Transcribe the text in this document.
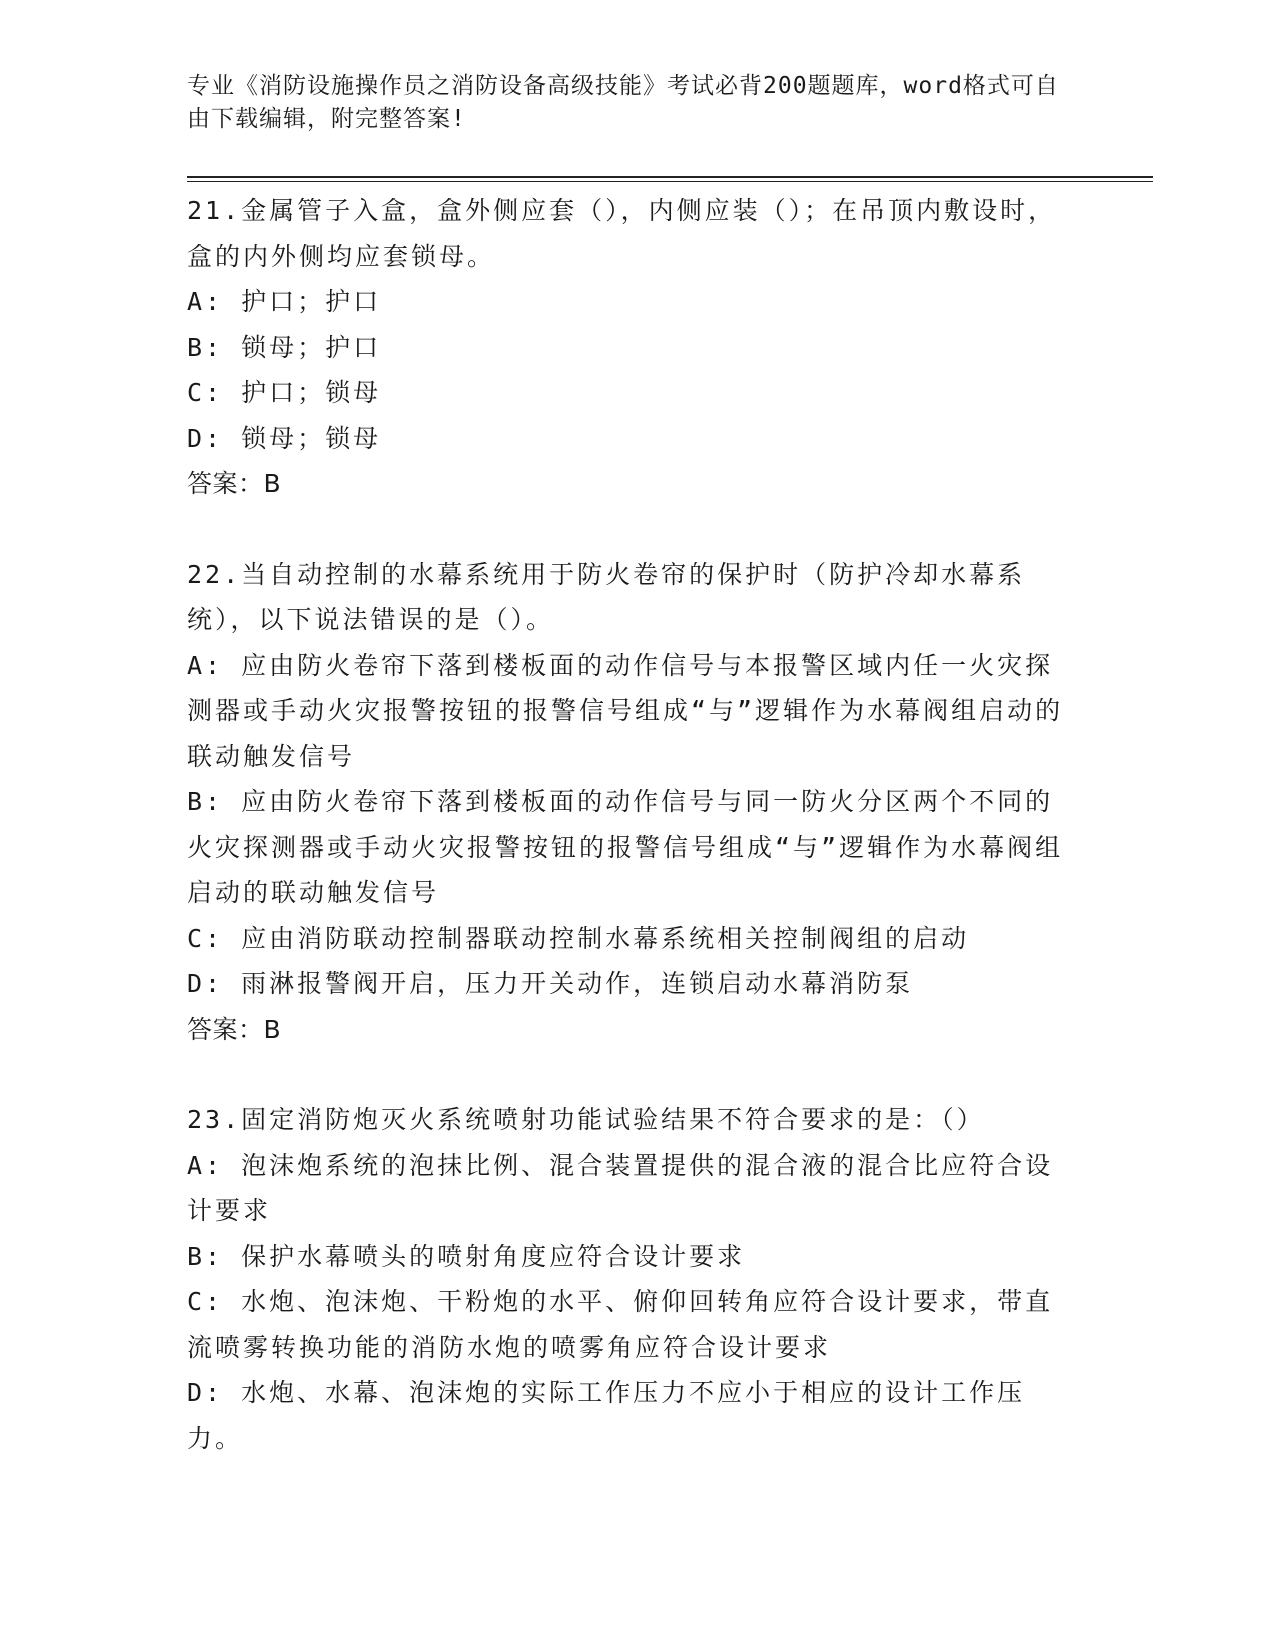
专业《消防设施操作员之消防设备高级技能》考试必背200题题库，word格式可自由下载编辑，附完整答案!

21.金属管子入盒，盒外侧应套（），内侧应装（）；在吊顶内敷设时，盒的内外侧均应套锁母。

A: 护口；护口

B: 锁母；护口

C: 护口；锁母

D: 锁母；锁母

答案：B

22.当自动控制的水幕系统用于防火卷帘的保护时（防护冷却水幕系统），以下说法错误的是（）。

A: 应由防火卷帘下落到楼板面的动作信号与本报警区域内任一火灾探测器或手动火灾报警按钮的报警信号组成“与”逻辑作为水幕阀组启动的联动触发信号

B: 应由防火卷帘下落到楼板面的动作信号与同一防火分区两个不同的火灾探测器或手动火灾报警按钮的报警信号组成“与”逻辑作为水幕阀组启动的联动触发信号

C: 应由消防联动控制器联动控制水幕系统相关控制阀组的启动

D: 雨淋报警阀开启，压力开关动作，连锁启动水幕消防泵

答案：B

23.固定消防炮灭火系统喷射功能试验结果不符合要求的是：（）

A: 泡沫炮系统的泡抹比例、混合装置提供的混合液的混合比应符合设计要求

B: 保护水幕喷头的喷射角度应符合设计要求

C: 水炮、泡沫炮、干粉炮的水平、俯仰回转角应符合设计要求，带直流喷雾转换功能的消防水炮的喷雾角应符合设计要求

D: 水炮、水幕、泡沫炮的实际工作压力不应小于相应的设计工作压力。
